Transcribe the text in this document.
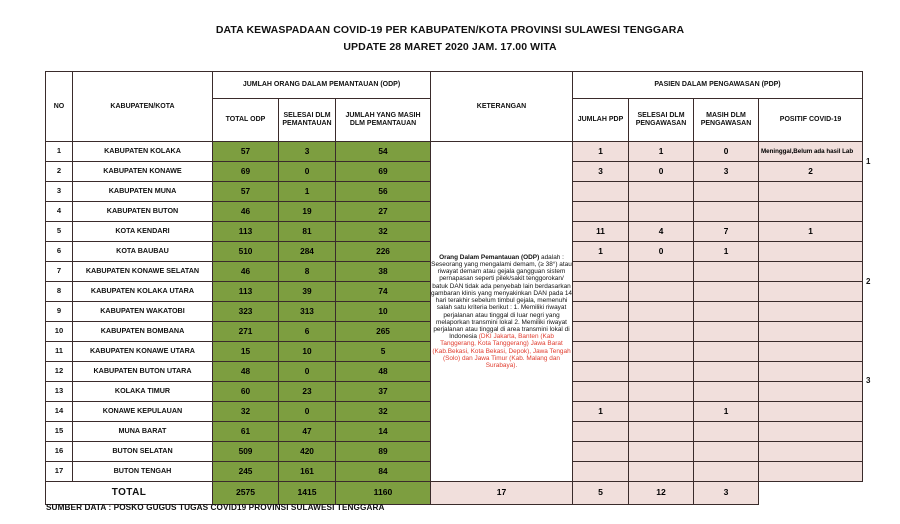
DATA KEWASPADAAN COVID-19 PER KABUPATEN/KOTA PROVINSI SULAWESI TENGGARA
UPDATE 28 MARET 2020 JAM. 17.00 WITA
NO	KABUPATEN/KOTA	JUMLAH ORANG DALAM PEMANTAUAN (ODP)			KETERANGAN	PASIEN DALAM PENGAWASAN (PDP)			
		TOTAL ODP	SELESAI DLM PEMANTAUAN	JUMLAH YANG MASIH DLM PEMANTAUAN		JUMLAH PDP	SELESAI DLM PENGAWASAN	MASIH DLM PENGAWASAN	POSITIF COVID-19
1	KABUPATEN KOLAKA	57	3	54	Orang Dalam Pemantauan (ODP) adalah : Seseorang yang mengalami demam, (≥ 38°) atau riwayat demam atau gejala gangguan sistem pernapasan seperti pilek/sakit tenggorokan/ batuk DAN tidak ada penyebab lain berdasarkan gambaran klinis yang menyakinkan DAN pada 14 hari terakhir sebelum timbul gejala, memenuhi salah satu kriteria berikut : 1. Memiliki riwayat perjalanan atau tinggal di luar negri yang melaporkan transmini lokal 2. Memiliki riwayat perjalanan atau tinggal di area transmini lokal di Indonesia (DKI Jakarta, Banten (Kab Tanggerang, Kota Tanggerang) Jawa Barat (Kab.Bekasi, Kota Bekasi, Depok), Jawa Tengah (Solo) dan Jawa Timur (Kab. Malang dan Surabaya).	1	1	0	Meninggal,Belum ada hasil Lab
2	KABUPATEN KONAWE	69	0	69		3	0	3	2
3	KABUPATEN MUNA	57	1	56					
4	KABUPATEN BUTON	46	19	27					
5	KOTA KENDARI	113	81	32		11	4	7	1
6	KOTA BAUBAU	510	284	226		1	0	1	
7	KABUPATEN KONAWE SELATAN	46	8	38					
8	KABUPATEN KOLAKA UTARA	113	39	74					
9	KABUPATEN WAKATOBI	323	313	10					
10	KABUPATEN BOMBANA	271	6	265					
11	KABUPATEN KONAWE UTARA	15	10	5					
12	KABUPATEN BUTON UTARA	48	0	48					
13	KOLAKA TIMUR	60	23	37					
14	KONAWE KEPULAUAN	32	0	32		1		1	
15	MUNA BARAT	61	47	14					
16	BUTON SELATAN	509	420	89					
17	BUTON TENGAH	245	161	84					
TOTAL		2575	1415	1160	17	5	12	3	
1
2
3
SUMBER DATA : POSKO GUGUS TUGAS COVID19 PROVINSI SULAWESI TENGGARA
